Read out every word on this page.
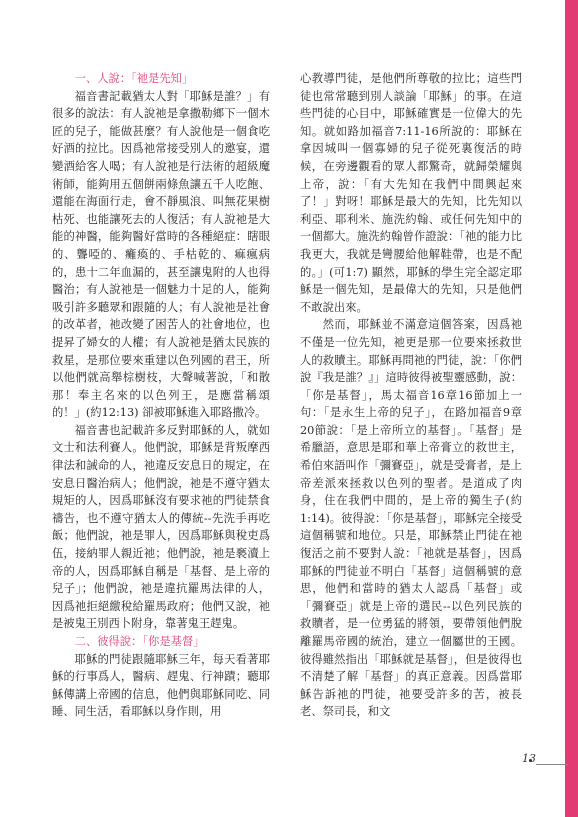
一、人說：「祂是先知」

福音書記載猶太人對「耶穌是誰？」有很多的說法：有人說祂是拿撒勒鄉下一個木匠的兒子，能做甚麼？有人說他是一個食吃好酒的拉比。因爲祂常接受別人的邀宴，還變酒給客人喝；有人說祂是行法術的超級魔術師，能夠用五個餅兩條魚讓五千人吃飽、還能在海面行走，會不靜風浪、叫無花果樹枯死、也能讓死去的人復活；有人說祂是大能的神醫，能夠醫好當時的各種絕症：瞎眼的、聾啞的、癱瘓的、手枯乾的、痲瘋病的，患十二年血漏的，甚至讓鬼附的人也得醫治；有人說祂是一個魅力十足的人，能夠吸引許多聽眾和跟隨的人；有人說祂是社會的改革者，祂改變了困苦人的社會地位，也提昇了婦女的人權；有人說祂是猶太民族的救星，是那位要來重建以色列國的君王，所以他們就高舉棕樹枝，大聲喊著說，「和散那！奉主名來的以色列王，是應當稱頌的！」(約12:13) 卻被耶穌進入耶路撒冷。

福音書也記載許多反對耶穌的人，就如文士和法利賽人。他們說，耶穌是背叛摩西律法和誡命的人，祂違反安息日的規定，在安息日醫治病人；他們說，祂是不遵守猶太規矩的人，因爲耶穌沒有要求祂的門徒禁食禱告，也不遵守猶太人的傳統--先洗手再吃飯；他們說，祂是罪人，因爲耶穌與稅吏爲伍，接納罪人親近祂；他們說，祂是褻瀆上帝的人，因爲耶穌自稱是「基督、是上帝的兒子」；他們說，祂是違抗羅馬法律的人，因爲祂拒絕繳稅給羅馬政府；他們又說，祂是被鬼王別西卜附身，靠著鬼王趕鬼。

二、彼得說：「你是基督」

耶穌的門徒跟隨耶穌三年，每天看著耶穌的行事爲人，醫病、趕鬼、行神蹟；聽耶穌傳講上帝國的信息，他們與耶穌同吃、同睡、同生活，看耶穌以身作則，用

心教導門徒，是他們所尊敬的拉比；這些門徒也常常聽到別人談論「耶穌」的事。在這些門徒的心目中，耶穌確實是一位偉大的先知。就如路加福音7:11-16所說的：耶穌在拿因城叫一個寡婦的兒子從死裏復活的時候，在旁邊觀看的眾人都驚奇，就歸榮耀與上帝，說：「有大先知在我們中間興起來了！」對呀！耶穌是最大的先知，比先知以利亞、耶利米、施洗約翰、或任何先知中的一個都大。施洗約翰曾作證說：「祂的能力比我更大，我就是彎腰給他解鞋帶，也是不配的。」(可1:7) 顯然，耶穌的學生完全認定耶穌是一個先知，是最偉大的先知，只是他們不敢說出來。

然而，耶穌並不滿意這個答案，因爲祂不僅是一位先知，祂更是那一位要來拯救世人的救贖主。耶穌再問祂的門徒，說：「你們說『我是誰？』」這時彼得被聖靈感動，說：「你是基督」，馬太福音16章16節加上一句：「是永生上帝的兒子」，在路加福音9章20節說：「是上帝所立的基督」。「基督」是希臘語，意思是耶和華上帝膏立的救世主，希伯來語叫作「彌賽亞」，就是受膏者，是上帝差派來拯救以色列的聖者。是道成了肉身，住在我們中間的，是上帝的獨生子(約1:14)。彼得說：「你是基督」，耶穌完全接受這個稱號和地位。只是，耶穌禁止門徒在祂復活之前不要對人說：「祂就是基督」，因爲耶穌的門徒並不明白「基督」這個稱號的意思，他們和當時的猶太人認爲「基督」或「彌賽亞」就是上帝的選民--以色列民族的救贖者，是一位勇猛的將領，要帶領他們脫離羅馬帝國的統治，建立一個屬世的王國。彼得雖然指出「耶穌就是基督」，但是彼得也不清楚了解「基督」的真正意義。因爲當耶穌告訴祂的門徒，祂要受許多的苦，被長老、祭司長，和文

13
